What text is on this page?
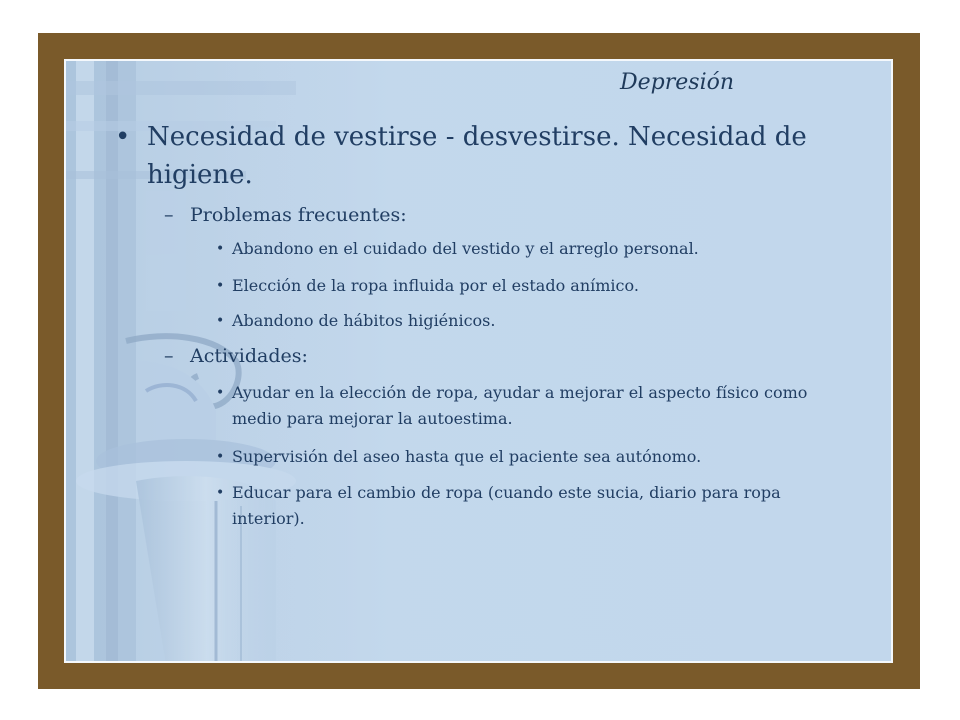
Depresión
• Necesidad de vestirse - desvestirse. Necesidad de higiene.
– Problemas frecuentes:
• Abandono en el cuidado del vestido y el arreglo personal.
• Elección de la ropa influida por el estado anímico.
• Abandono de hábitos higiénicos.
– Actividades:
• Ayudar en la elección de ropa, ayudar a mejorar el aspecto físico como medio para mejorar la autoestima.
• Supervisión del aseo hasta que el paciente sea autónomo.
• Educar para el cambio de ropa (cuando este sucia, diario para ropa interior).
